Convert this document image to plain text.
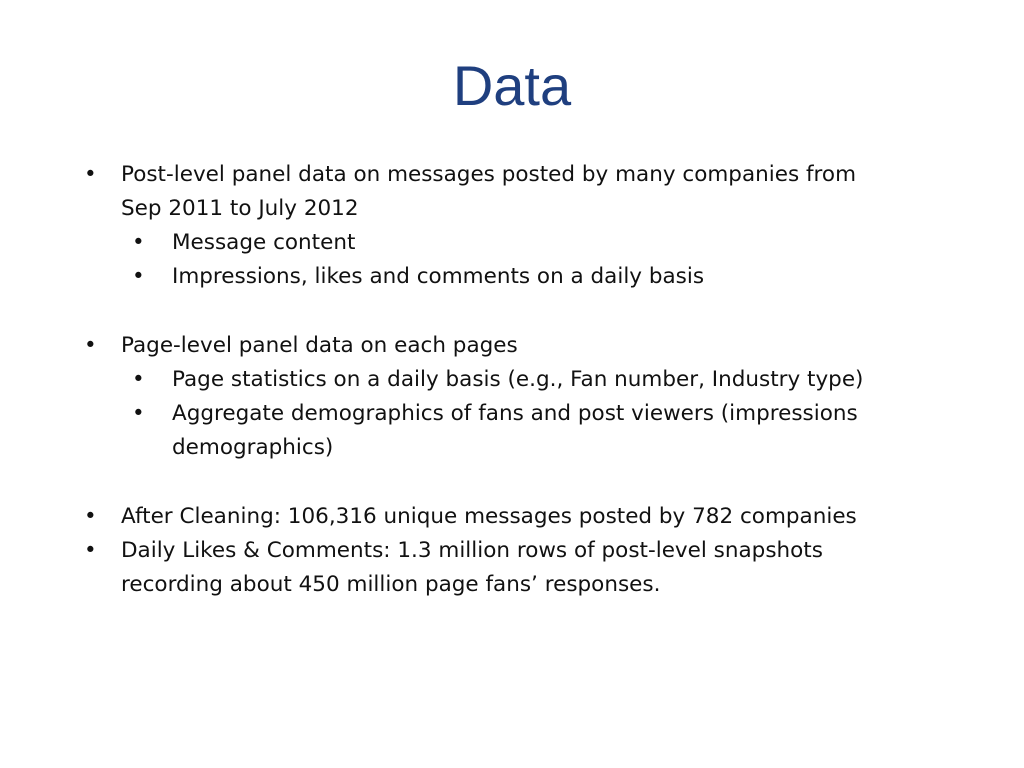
Data
• Post-level panel data on messages posted by many companies from
Sep 2011 to July 2012
• Message content
• Impressions, likes and comments on a daily basis
• Page-level panel data on each pages
• Page statistics on a daily basis (e.g., Fan number, Industry type)
• Aggregate demographics of fans and post viewers (impressions
demographics)
• After Cleaning: 106,316 unique messages posted by 782 companies
• Daily Likes & Comments: 1.3 million rows of post-level snapshots
recording about 450 million page fans’ responses.
